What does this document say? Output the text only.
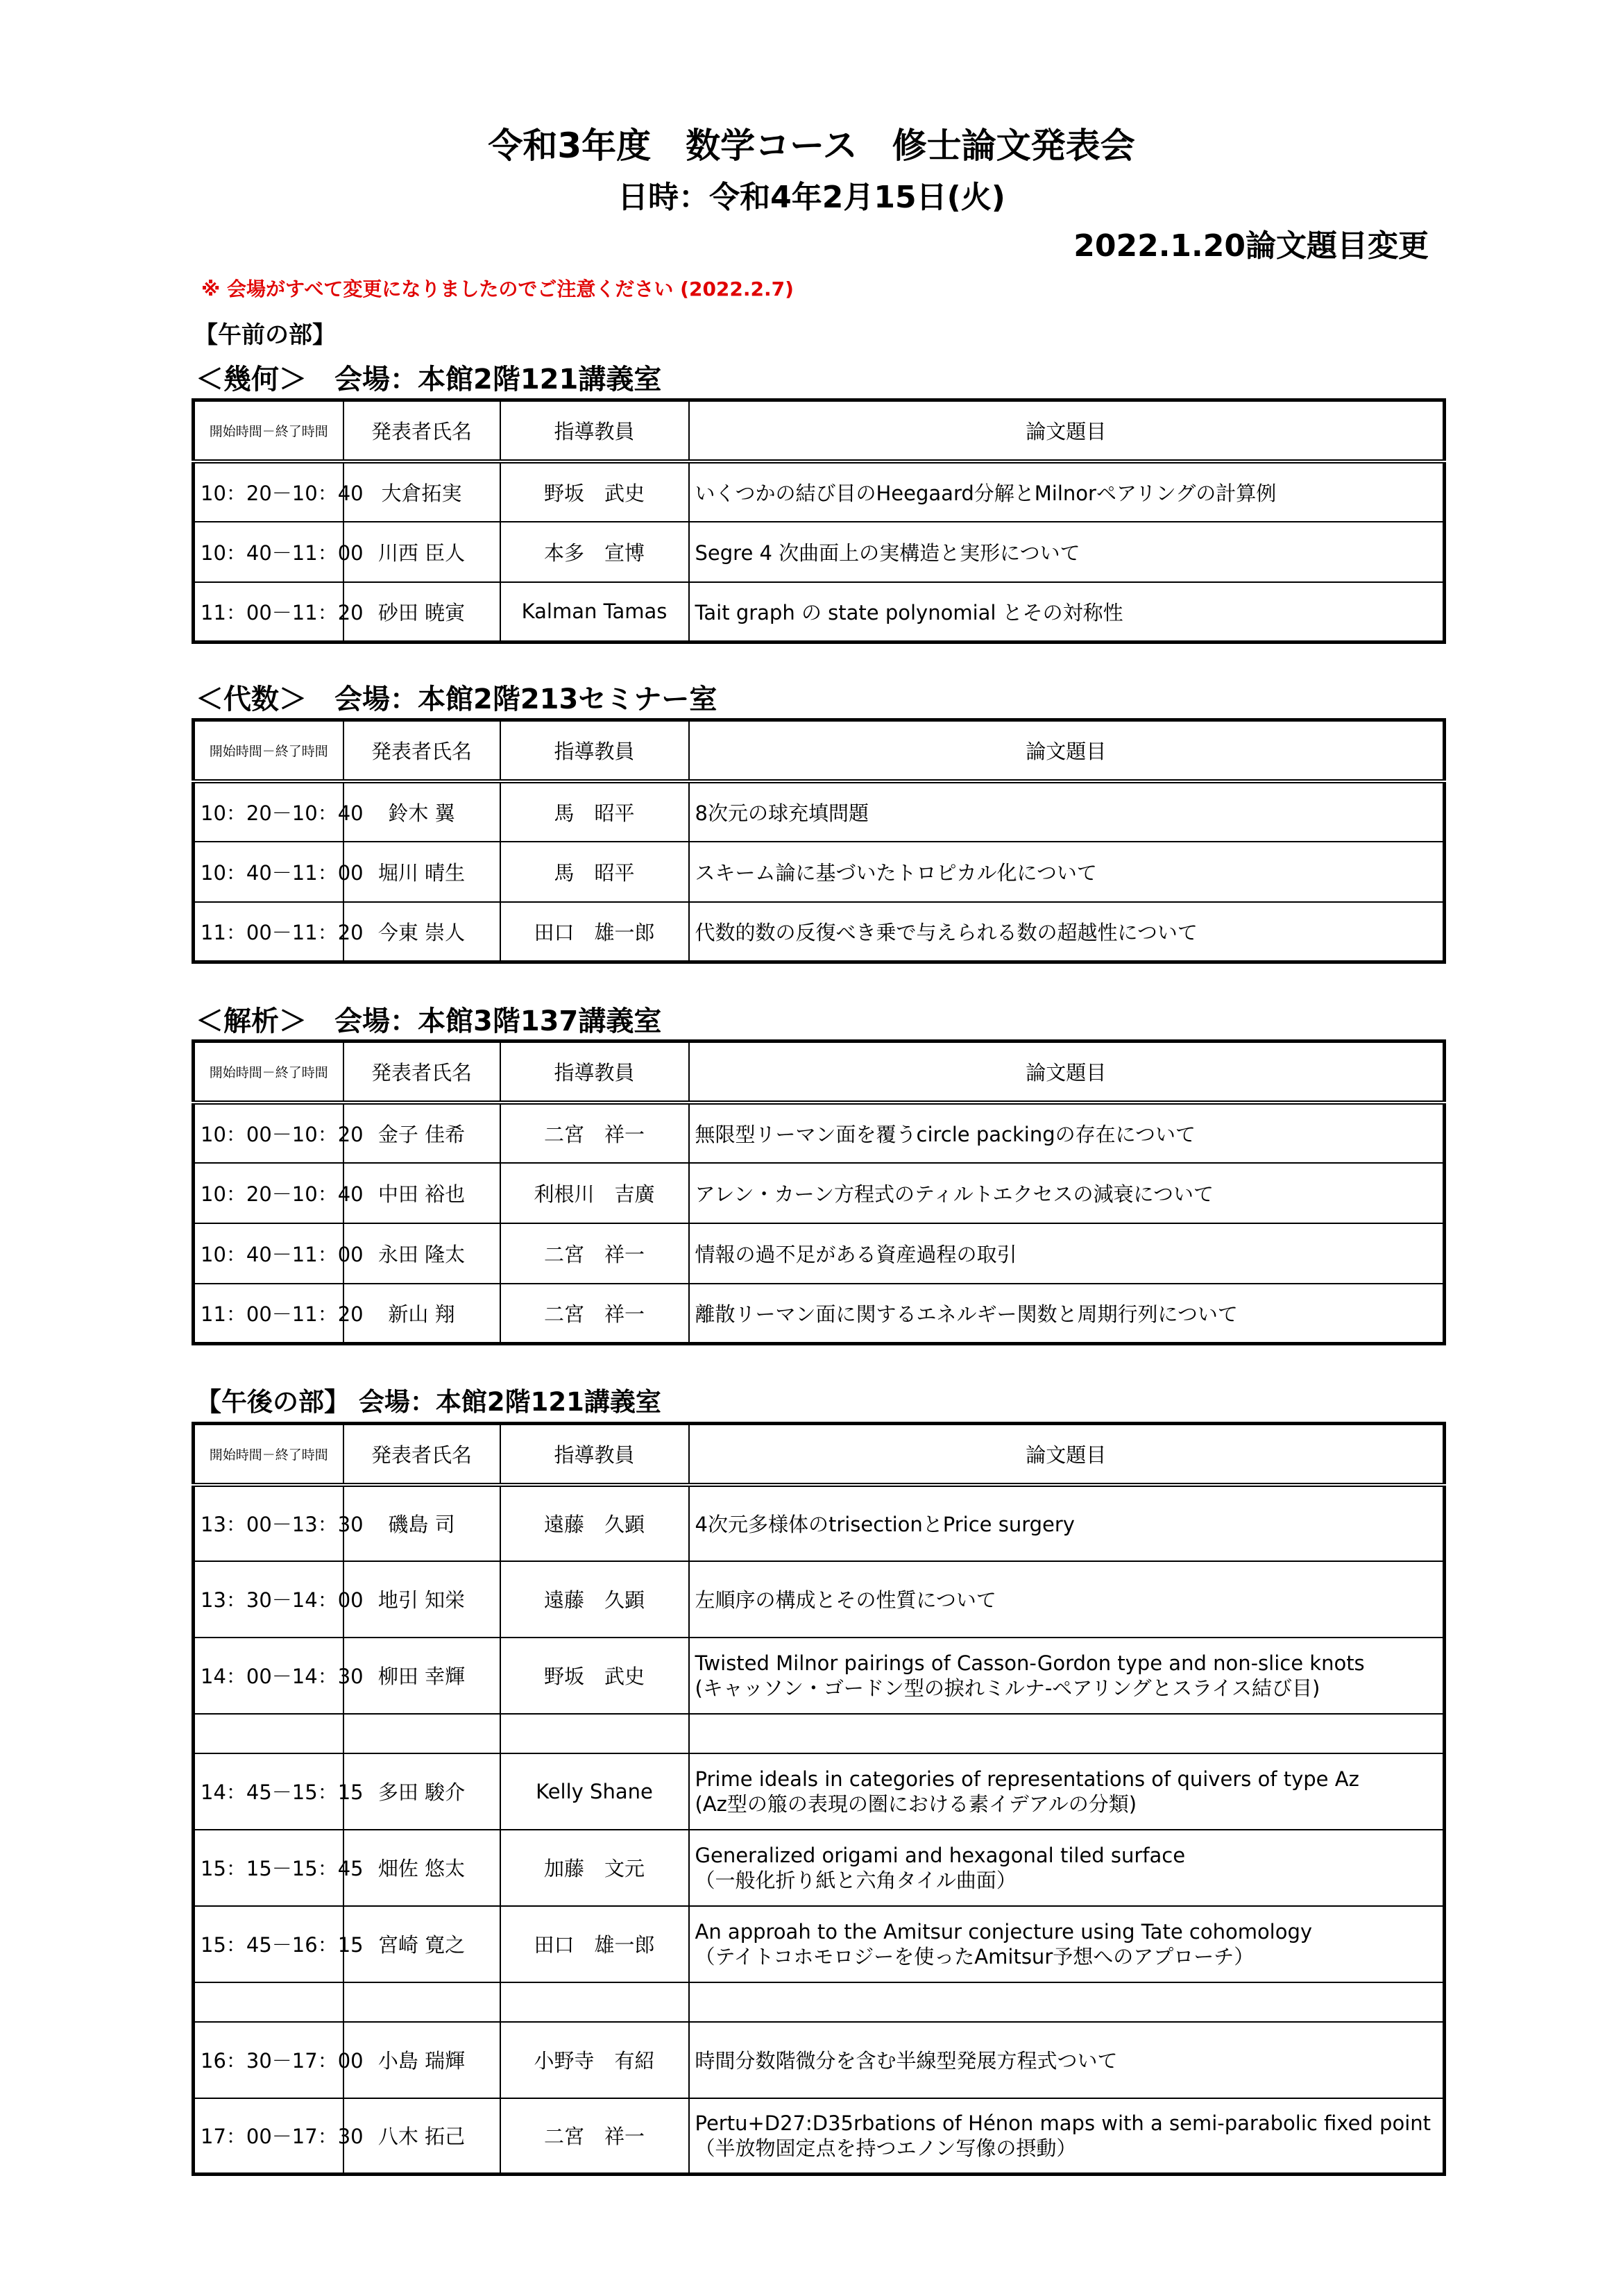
令和3年度　数学コース　修士論文発表会
日時：令和4年2月15日(火)
2022.1.20論文題目変更
※ 会場がすべて変更になりましたのでご注意ください (2022.2.7)
【午前の部】
＜幾何＞　会場：本館2階121講義室
開始時間－終了時間	発表者氏名	指導教員	論文題目
10：20－10：40	大倉拓実	野坂　武史	いくつかの結び目のHeegaard分解とMilnorペアリングの計算例
10：40－11：00	川西 臣人	本多　宣博	Segre 4 次曲面上の実構造と実形について
11：00－11：20	砂田 暁寅	Kalman Tamas	Tait graph の state polynomial とその対称性
＜代数＞　会場：本館2階213セミナー室
開始時間－終了時間	発表者氏名	指導教員	論文題目
10：20－10：40	鈴木 翼	馬　昭平	8次元の球充填問題
10：40－11：00	堀川 晴生	馬　昭平	スキーム論に基づいたトロピカル化について
11：00－11：20	今東 崇人	田口　雄一郎	代数的数の反復べき乗で与えられる数の超越性について
＜解析＞　会場：本館3階137講義室
開始時間－終了時間	発表者氏名	指導教員	論文題目
10：00－10：20	金子 佳希	二宮　祥一	無限型リーマン面を覆うcircle packingの存在について
10：20－10：40	中田 裕也	利根川　吉廣	アレン・カーン方程式のティルトエクセスの減衰について
10：40－11：00	永田 隆太	二宮　祥一	情報の過不足がある資産過程の取引
11：00－11：20	新山 翔	二宮　祥一	離散リーマン面に関するエネルギー関数と周期行列について
【午後の部】 会場：本館2階121講義室
開始時間－終了時間	発表者氏名	指導教員	論文題目
13：00－13：30	磯島 司	遠藤　久顕	4次元多様体のtrisectionとPrice surgery
13：30－14：00	地引 知栄	遠藤　久顕	左順序の構成とその性質について
14：00－14：30	柳田 幸輝	野坂　武史	Twisted Milnor pairings of Casson-Gordon type and non-slice knots
(キャッソン・ゴードン型の捩れミルナ-ペアリングとスライス結び目)

14：45－15：15	多田 駿介	Kelly Shane	Prime ideals in categories of representations of quivers of type Az
(Az型の箙の表現の圏における素イデアルの分類)

15：15－15：45	畑佐 悠太	加藤　文元	Generalized origami and hexagonal tiled surface
（一般化折り紙と六角タイル曲面）

15：45－16：15	宮崎 寛之	田口　雄一郎	An approah to the Amitsur conjecture using Tate cohomology
（テイトコホモロジーを使ったAmitsur予想へのアプローチ）

16：30－17：00	小島 瑞輝	小野寺　有紹	時間分数階微分を含む半線型発展方程式ついて
17：00－17：30	八木 拓己	二宮　祥一	Pertu+D27:D35rbations of Hénon maps with a semi-parabolic fixed point
（半放物固定点を持つエノン写像の摂動）
